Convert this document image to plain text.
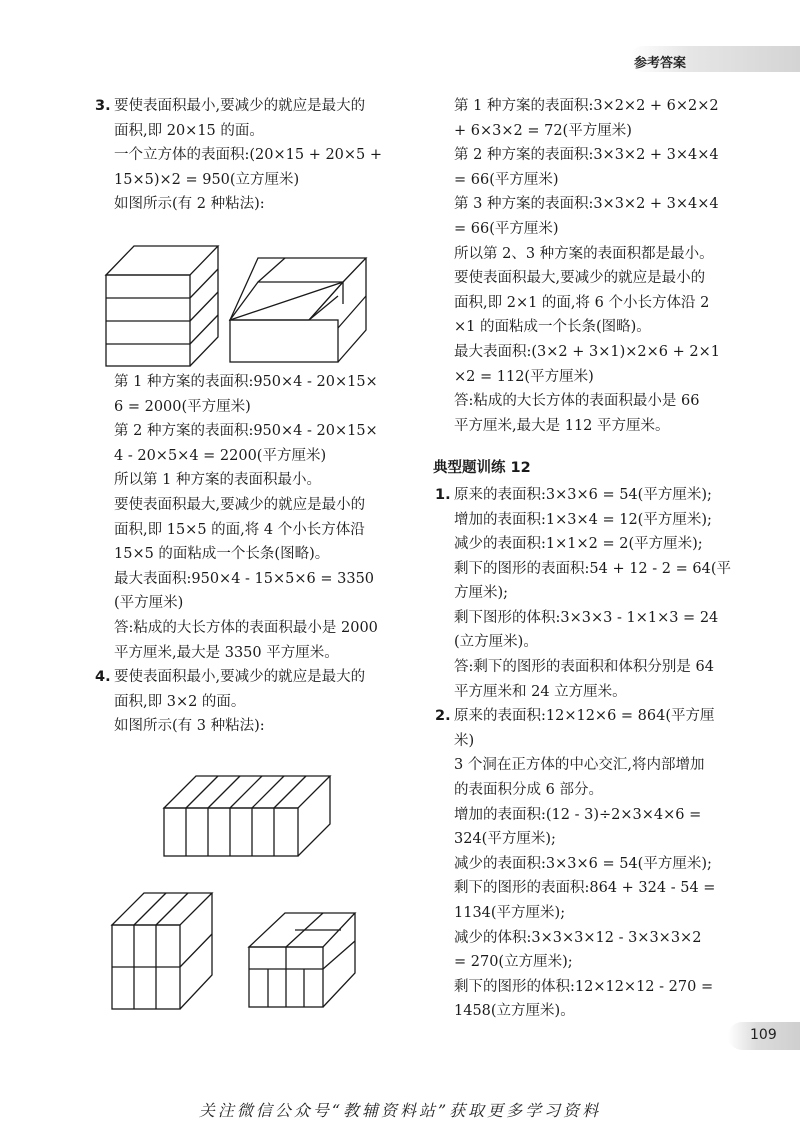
参考答案

3. 要使表面积最小,要减少的就应是最大的

面积,即 20×15 的面。

一个立方体的表面积:(20×15 + 20×5 +

15×5)×2 = 950(立方厘米)

如图所示(有 2 种粘法):

第 1 种方案的表面积:950×4 - 20×15×

6 = 2000(平方厘米)

第 2 种方案的表面积:950×4 - 20×15×

4 - 20×5×4 = 2200(平方厘米)

所以第 1 种方案的表面积最小。

要使表面积最大,要减少的就应是最小的

面积,即 15×5 的面,将 4 个小长方体沿

15×5 的面粘成一个长条(图略)。

最大表面积:950×4 - 15×5×6 = 3350

(平方厘米)

答:粘成的大长方体的表面积最小是 2000

平方厘米,最大是 3350 平方厘米。

4. 要使表面积最小,要减少的就应是最大的

面积,即 3×2 的面。

如图所示(有 3 种粘法):

第 1 种方案的表面积:3×2×2 + 6×2×2

+ 6×3×2 = 72(平方厘米)

第 2 种方案的表面积:3×3×2 + 3×4×4

= 66(平方厘米)

第 3 种方案的表面积:3×3×2 + 3×4×4

= 66(平方厘米)

所以第 2、3 种方案的表面积都是最小。

要使表面积最大,要减少的就应是最小的

面积,即 2×1 的面,将 6 个小长方体沿 2

×1 的面粘成一个长条(图略)。

最大表面积:(3×2 + 3×1)×2×6 + 2×1

×2 = 112(平方厘米)

答:粘成的大长方体的表面积最小是 66

平方厘米,最大是 112 平方厘米。

典型题训练 12

1. 原来的表面积:3×3×6 = 54(平方厘米);

增加的表面积:1×3×4 = 12(平方厘米);

减少的表面积:1×1×2 = 2(平方厘米);

剩下的图形的表面积:54 + 12 - 2 = 64(平

方厘米);

剩下图形的体积:3×3×3 - 1×1×3 = 24

(立方厘米)。

答:剩下的图形的表面积和体积分别是 64

平方厘米和 24 立方厘米。

2. 原来的表面积:12×12×6 = 864(平方厘

米)

3 个洞在正方体的中心交汇,将内部增加

的表面积分成 6 部分。

增加的表面积:(12 - 3)÷2×3×4×6 =

324(平方厘米);

减少的表面积:3×3×6 = 54(平方厘米);

剩下的图形的表面积:864 + 324 - 54 =

1134(平方厘米);

减少的体积:3×3×3×12 - 3×3×3×2

= 270(立方厘米);

剩下的图形的体积:12×12×12 - 270 =

1458(立方厘米)。

109
关注微信公众号“教辅资料站”获取更多学习资料
